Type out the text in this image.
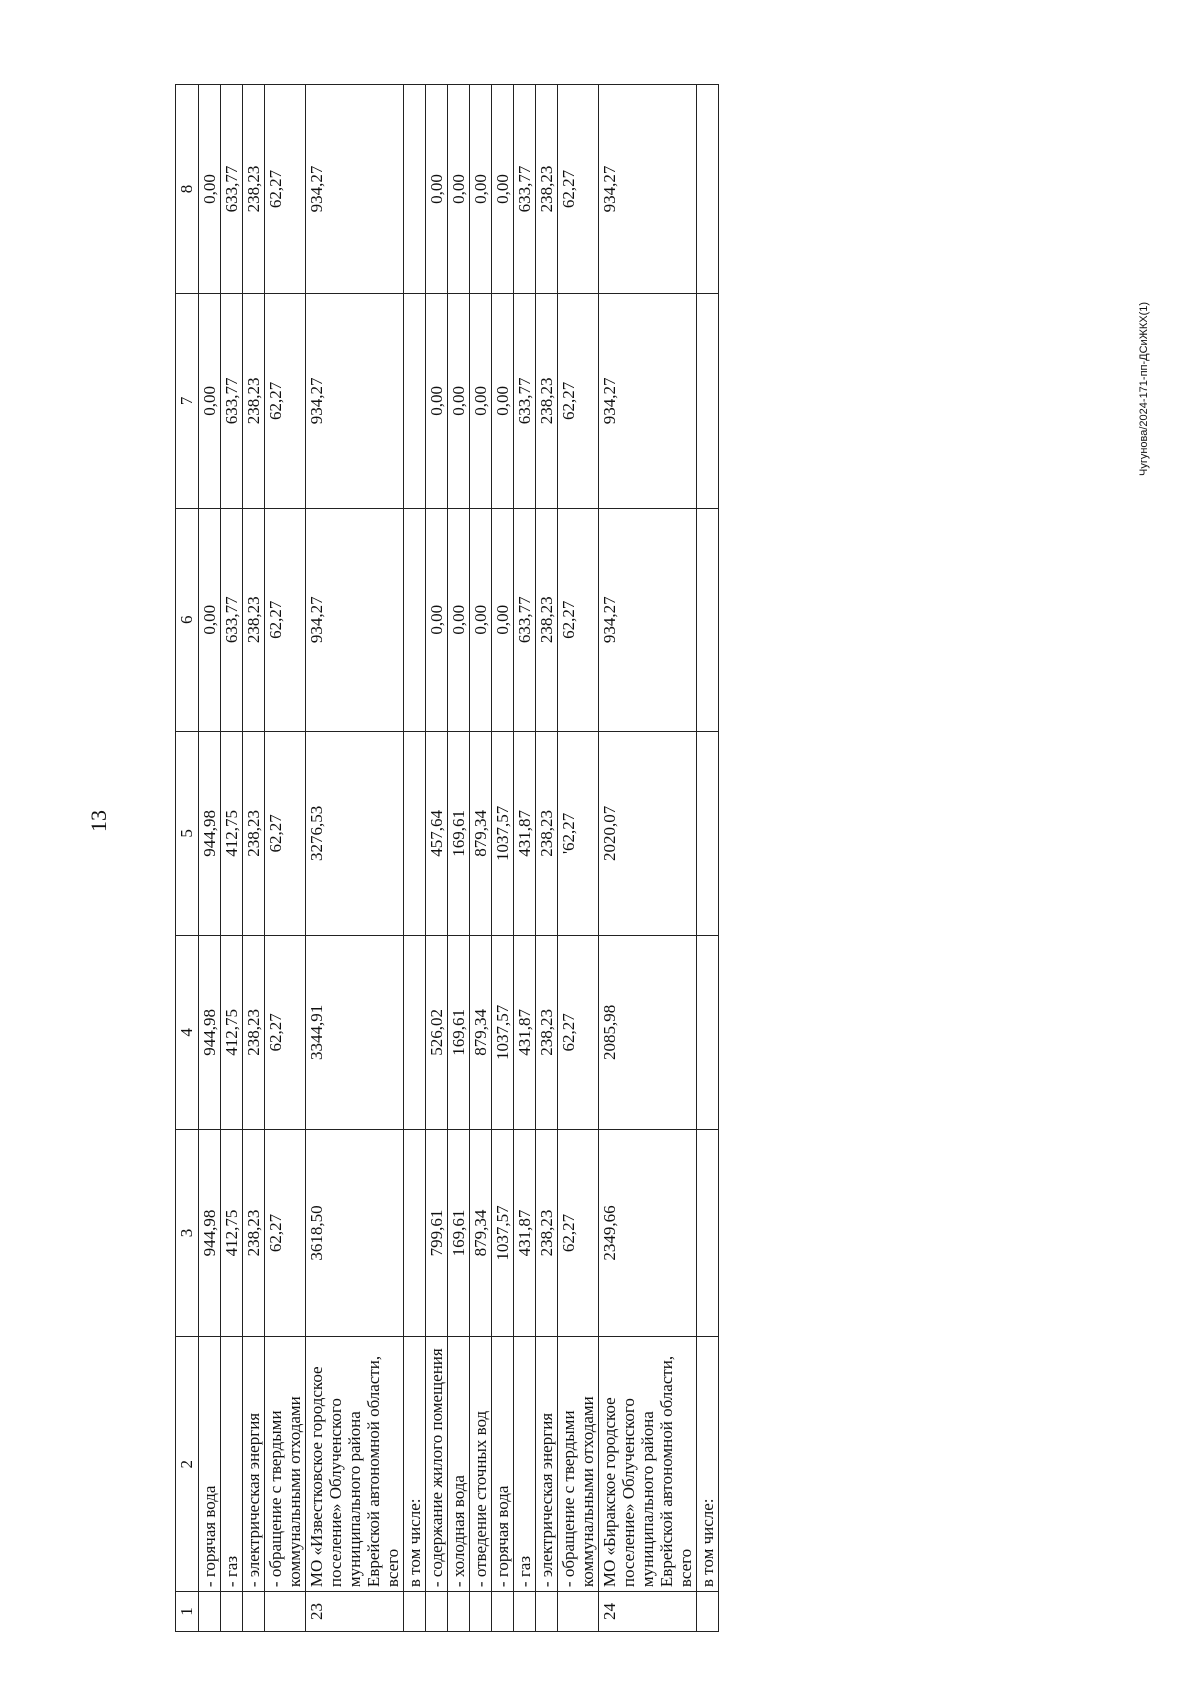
13
Чугунова/2024-171-пп-ДСиЖКХ(1)
1	2	3	4	5	6	7	8
	- горячая вода	944,98	944,98	944,98	0,00	0,00	0,00
	- газ	412,75	412,75	412,75	633,77	633,77	633,77
	- электрическая энергия	238,23	238,23	238,23	238,23	238,23	238,23
	- обращение с твердыми коммунальными отходами	62,27	62,27	62,27	62,27	62,27	62,27
23	МО «Известковское городское поселение» Облученского муниципального района Еврейской автономной области, всего	3618,50	3344,91	3276,53	934,27	934,27	934,27
	в том числе:						
	- содержание жилого помещения	799,61	526,02	457,64	0,00	0,00	0,00
	- холодная вода	169,61	169,61	169,61	0,00	0,00	0,00
	- отведение сточных вод	879,34	879,34	879,34	0,00	0,00	0,00
	- горячая вода	1037,57	1037,57	1037,57	0,00	0,00	0,00
	- газ	431,87	431,87	431,87	633,77	633,77	633,77
	- электрическая энергия	238,23	238,23	238,23	238,23	238,23	238,23
	- обращение с твердыми коммунальными отходами	62,27	62,27	'62,27	62,27	62,27	62,27
24	МО «Биракское городское поселение» Облученского муниципального района Еврейской автономной области, всего	2349,66	2085,98	2020,07	934,27	934,27	934,27
	в том числе:						
